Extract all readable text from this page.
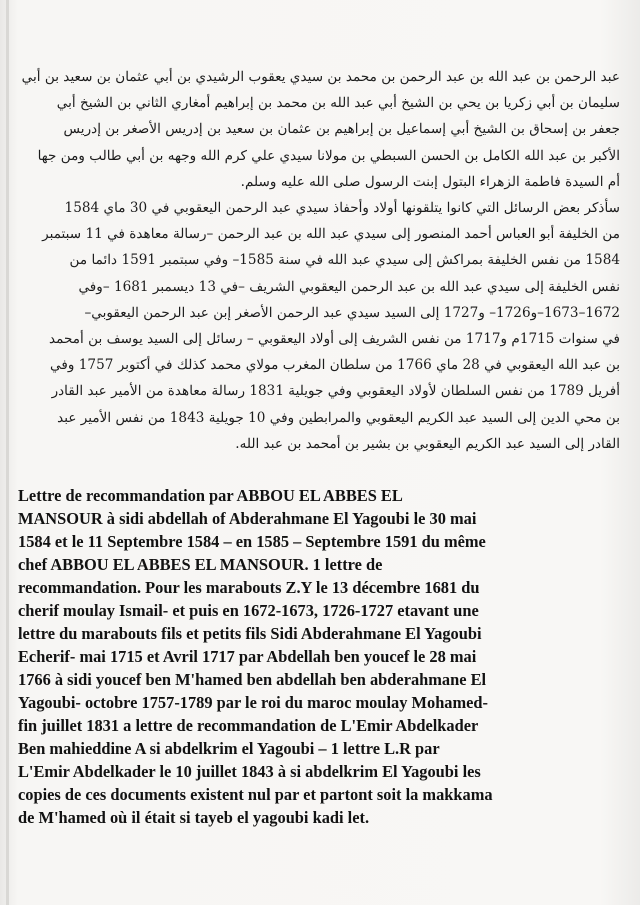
عبد الرحمن بن عبد الله بن عبد الرحمن بن محمد بن سيدي يعقوب الرشيدي بن أبي عثمان بن سعيد بن أبي

سليمان بن أبي زكريا بن يحي بن الشيخ أبي عبد الله بن محمد بن إبراهيم أمغاري الثاني بن الشيخ أبي

جعفر بن إسحاق بن الشيخ أبي إسماعيل بن إبراهيم بن عثمان بن سعيد بن إدريس الأصغر بن إدريس

الأكبر بن عبد الله الكامل بن الحسن السبطي بن مولانا سيدي علي كرم الله وجهه بن أبي طالب ومن جها

أم السيدة فاطمة الزهراء البتول إبنت الرسول صلى الله عليه وسلم.

سأذكر بعض الرسائل التي كانوا يتلقونها أولاد وأحفاذ سيدي عبد الرحمن اليعقوبي في 30 ماي 1584

من الخليفة أبو العباس أحمد المنصور إلى سيدي عبد الله بن عبد الرحمن –رسالة معاهدة في 11 سبتمبر

1584 من نفس الخليفة بمراكش إلى سيدي عبد الله في سنة 1585– وفي سبتمبر 1591 دائما من

نفس الخليفة إلى سيدي عبد الله بن عبد الرحمن اليعقوبي الشريف –في 13 ديسمبر 1681 –وفي

1672–1673–و1726– و1727 إلى السيد سيدي عبد الرحمن الأصغر إبن عبد الرحمن اليعقوبي–

في سنوات 1715م و1717 من نفس الشريف إلى أولاد اليعقوبي – رسائل إلى السيد يوسف بن أمحمد

بن عبد الله اليعقوبي في 28 ماي 1766 من سلطان المغرب مولاي محمد كذلك في أكتوبر 1757 وفي

أفريل 1789 من نفس السلطان لأولاد اليعقوبي وفي جويلية 1831 رسالة معاهدة من الأمير عبد القادر

بن محي الدين إلى السيد عبد الكريم اليعقوبي والمرابطين وفي 10 جويلية 1843 من نفس الأمير عبد

القادر إلى السيد عبد الكريم اليعقوبي بن بشير بن أمحمد بن عبد الله.

Lettre de recommandation par ABBOU EL ABBES EL

MANSOUR à sidi abdellah of Abderahmane El Yagoubi le 30 mai

1584 et le 11 Septembre 1584 – en 1585 – Septembre 1591 du même

chef ABBOU EL ABBES EL MANSOUR. 1 lettre de

recommandation. Pour les marabouts Z.Y le 13 décembre 1681 du

cherif moulay Ismail- et puis en 1672-1673, 1726-1727 etavant une

lettre du marabouts fils et petits fils Sidi Abderahmane El Yagoubi

Echerif- mai 1715 et Avril 1717 par Abdellah ben youcef le 28 mai

1766 à sidi youcef ben M'hamed ben abdellah ben abderahmane El

Yagoubi- octobre 1757-1789 par le roi du maroc moulay Mohamed-

fin juillet 1831 a lettre de recommandation de L'Emir Abdelkader

Ben mahieddine A si abdelkrim el Yagoubi – 1 lettre L.R par

L'Emir Abdelkader le 10 juillet 1843 à si abdelkrim El Yagoubi les

copies de ces documents existent nul par et partont soit la makkama

de M'hamed où il était si tayeb el yagoubi kadi let.
